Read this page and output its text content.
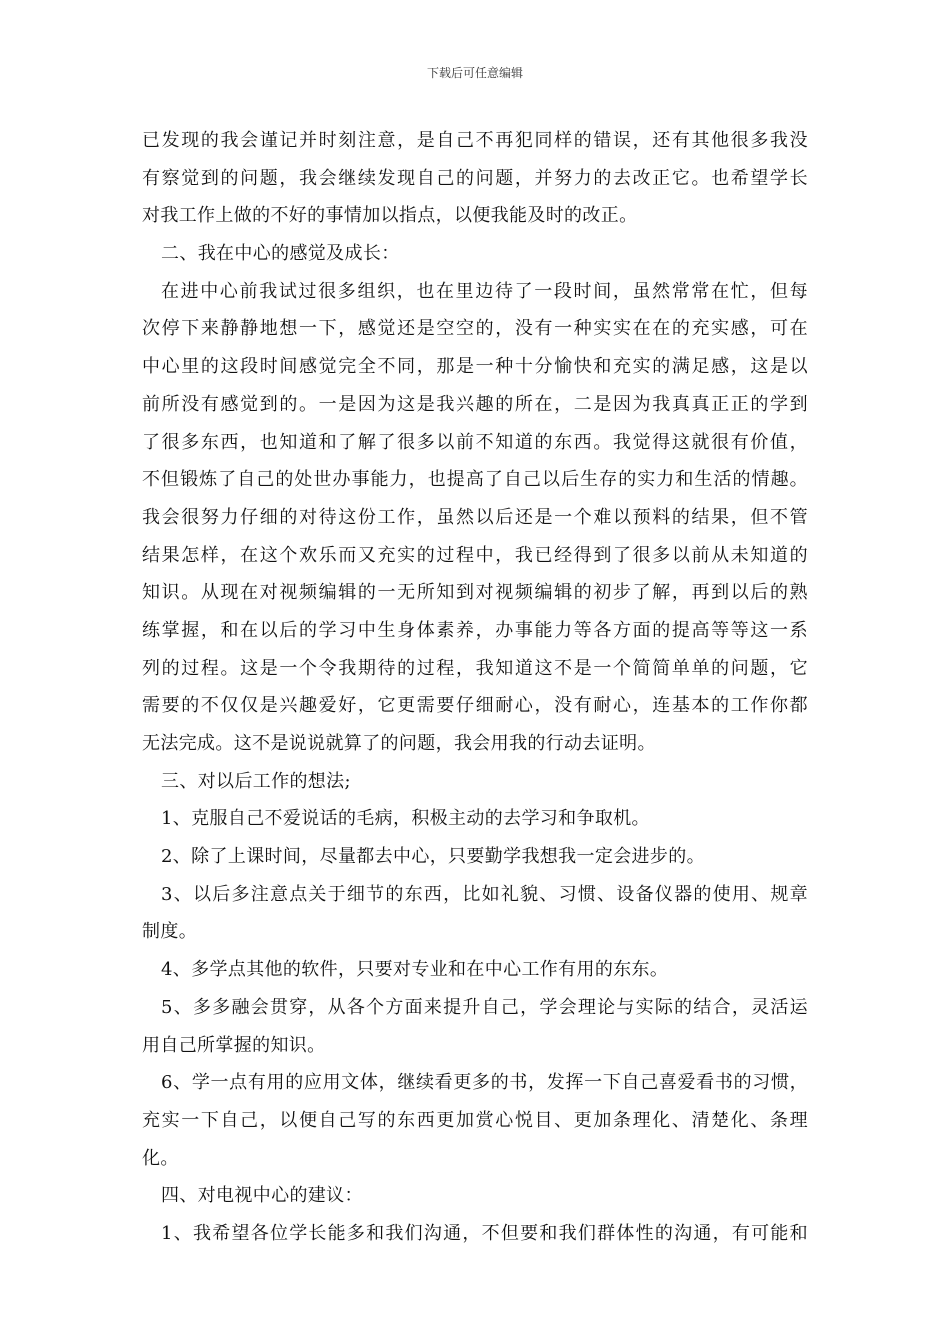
下载后可任意编辑
已发现的我会谨记并时刻注意，是自己不再犯同样的错误，还有其他很多我没
有察觉到的问题，我会继续发现自己的问题，并努力的去改正它。也希望学长
对我工作上做的不好的事情加以指点，以便我能及时的改正。
二、我在中心的感觉及成长：
在进中心前我试过很多组织，也在里边待了一段时间，虽然常常在忙，但每
次停下来静静地想一下，感觉还是空空的，没有一种实实在在的充实感，可在
中心里的这段时间感觉完全不同，那是一种十分愉快和充实的满足感，这是以
前所没有感觉到的。一是因为这是我兴趣的所在，二是因为我真真正正的学到
了很多东西，也知道和了解了很多以前不知道的东西。我觉得这就很有价值，
不但锻炼了自己的处世办事能力，也提高了自己以后生存的实力和生活的情趣。
我会很努力仔细的对待这份工作，虽然以后还是一个难以预料的结果，但不管
结果怎样，在这个欢乐而又充实的过程中，我已经得到了很多以前从未知道的
知识。从现在对视频编辑的一无所知到对视频编辑的初步了解，再到以后的熟
练掌握，和在以后的学习中生身体素养，办事能力等各方面的提高等等这一系
列的过程。这是一个令我期待的过程，我知道这不是一个简简单单的问题，它
需要的不仅仅是兴趣爱好，它更需要仔细耐心，没有耐心，连基本的工作你都
无法完成。这不是说说就算了的问题，我会用我的行动去证明。
三、对以后工作的想法;
1、克服自己不爱说话的毛病，积极主动的去学习和争取机。
2、除了上课时间，尽量都去中心，只要勤学我想我一定会进步的。
3、以后多注意点关于细节的东西，比如礼貌、习惯、设备仪器的使用、规章
制度。
4、多学点其他的软件，只要对专业和在中心工作有用的东东。
5、多多融会贯穿，从各个方面来提升自己，学会理论与实际的结合，灵活运
用自己所掌握的知识。
6、学一点有用的应用文体，继续看更多的书，发挥一下自己喜爱看书的习惯，
充实一下自己，以便自己写的东西更加赏心悦目、更加条理化、清楚化、条理
化。
四、对电视中心的建议：
1、我希望各位学长能多和我们沟通，不但要和我们群体性的沟通，有可能和
